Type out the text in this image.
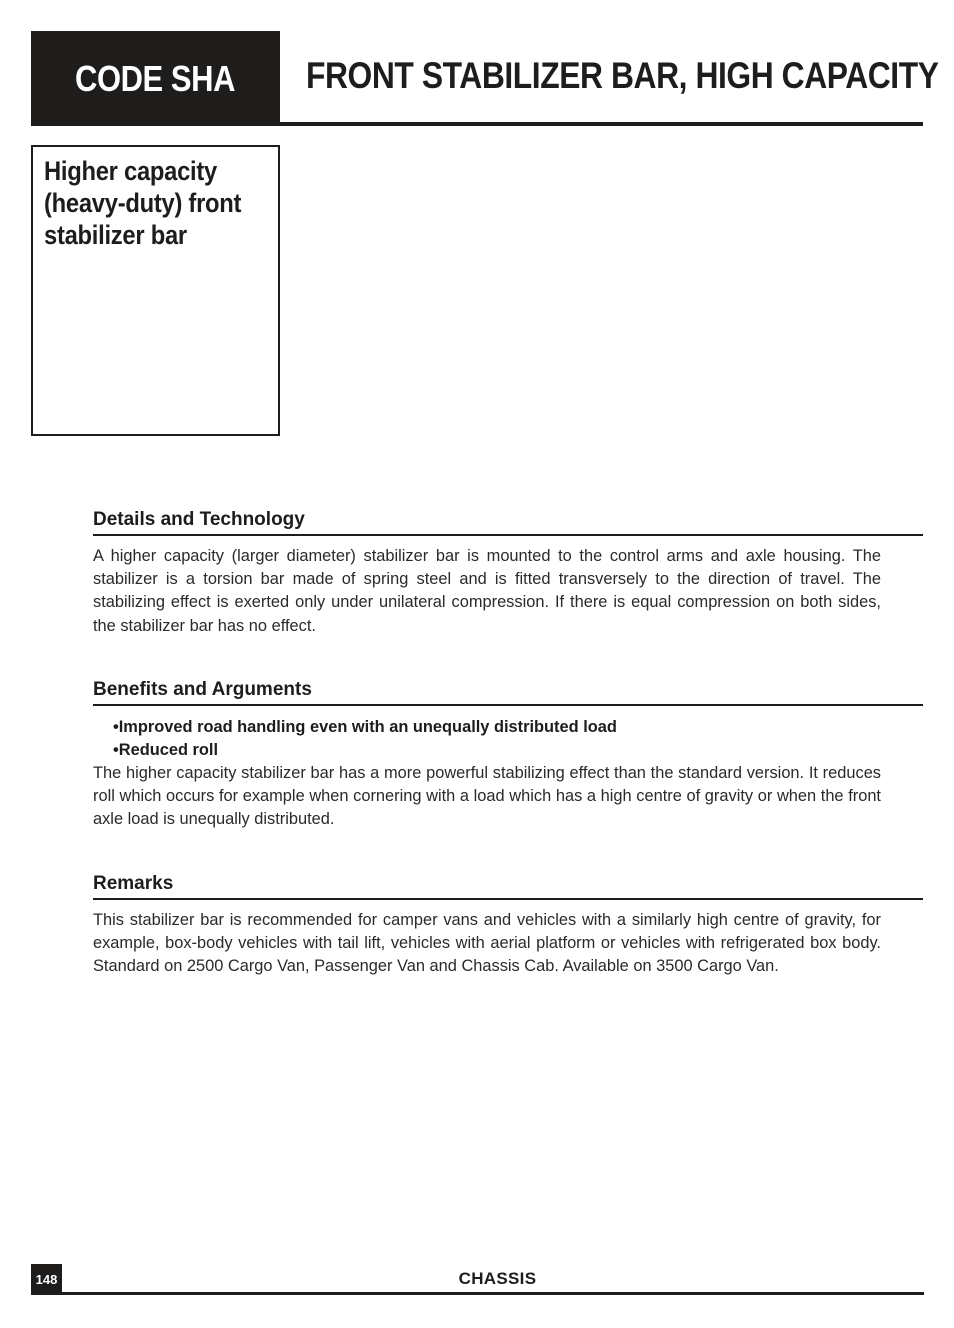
CODE SHA FRONT STABILIZER BAR, HIGH CAPACITY

Higher capacity (heavy-duty) front stabilizer bar

Details and Technology
A higher capacity (larger diameter) stabilizer bar is mounted to the control arms and axle housing. The stabilizer is a torsion bar made of spring steel and is fitted transversely to the direction of travel. The stabilizing effect is exerted only under unilateral compression. If there is equal compression on both sides, the stabilizer bar has no effect.
Benefits and Arguments
• Improved road handling even with an unequally distributed load
• Reduced roll
The higher capacity stabilizer bar has a more powerful stabilizing effect than the standard version. It reduces roll which occurs for example when cornering with a load which has a high centre of gravity or when the front axle load is unequally distributed.
Remarks
This stabilizer bar is recommended for camper vans and vehicles with a similarly high centre of gravity, for example, box-body vehicles with tail lift, vehicles with aerial platform or vehicles with refrigerated box body. Standard on 2500 Cargo Van, Passenger Van and Chassis Cab. Available on 3500 Cargo Van.
148	CHASSIS
